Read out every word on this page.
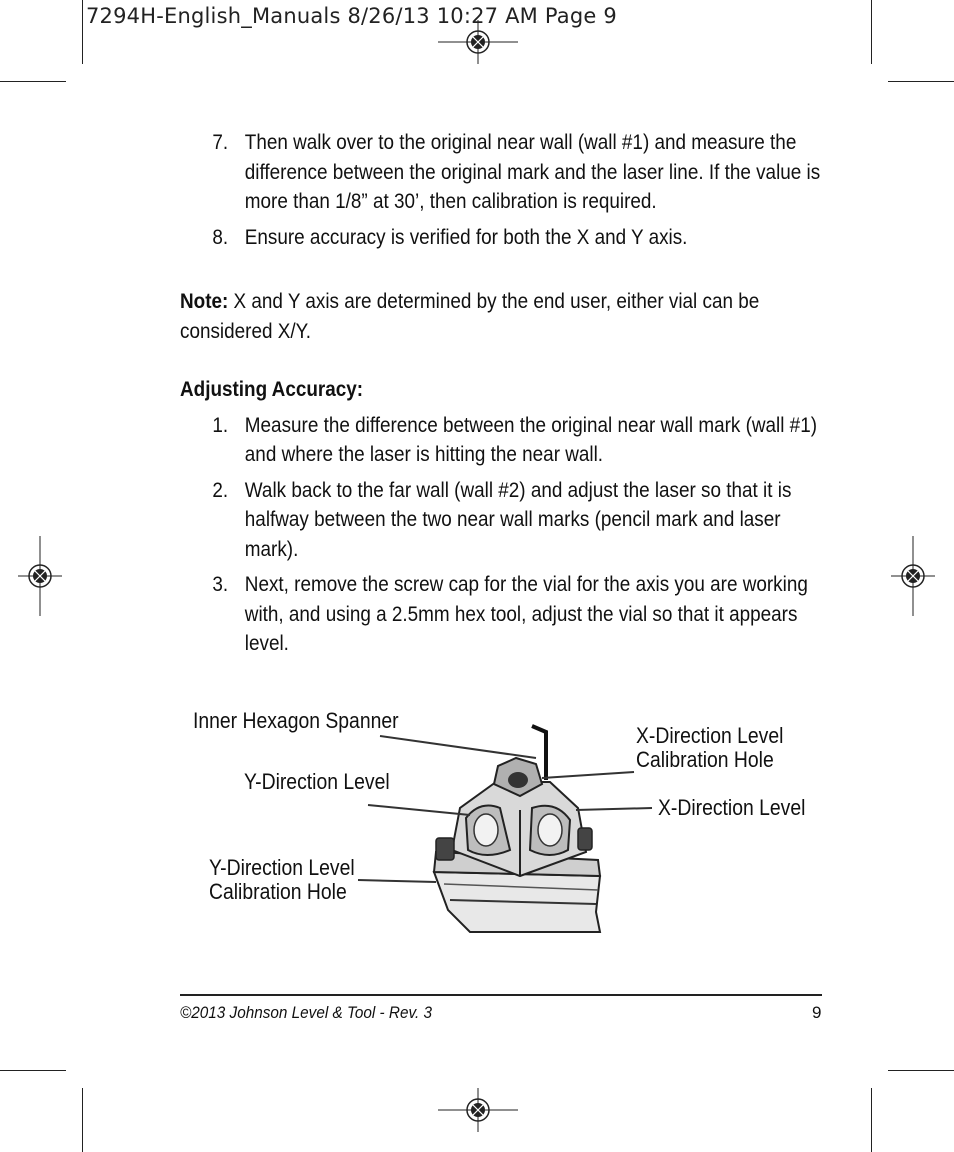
7294H-English_Manuals 8/26/13 10:27 AM Page 9
7. Then walk over to the original near wall (wall #1) and measure the difference between the original mark and the laser line. If the value is more than 1/8” at 30’, then calibration is required.
8. Ensure accuracy is verified for both the X and Y axis.

Note: X and Y axis are determined by the end user, either vial can be considered X/Y.

Adjusting Accuracy:
1. Measure the difference between the original near wall mark (wall #1) and where the laser is hitting the near wall.
2. Walk back to the far wall (wall #2) and adjust the laser so that it is halfway between the two near wall marks (pencil mark and laser mark).
3. Next, remove the screw cap for the vial for the axis you are working with, and using a 2.5mm hex tool, adjust the vial so that it appears level.
Inner Hexagon Spanner
Y-Direction Level
Y-Direction Level
Calibration Hole
X-Direction Level
Calibration Hole
X-Direction Level
©2013 Johnson Level & Tool - Rev. 3	9
